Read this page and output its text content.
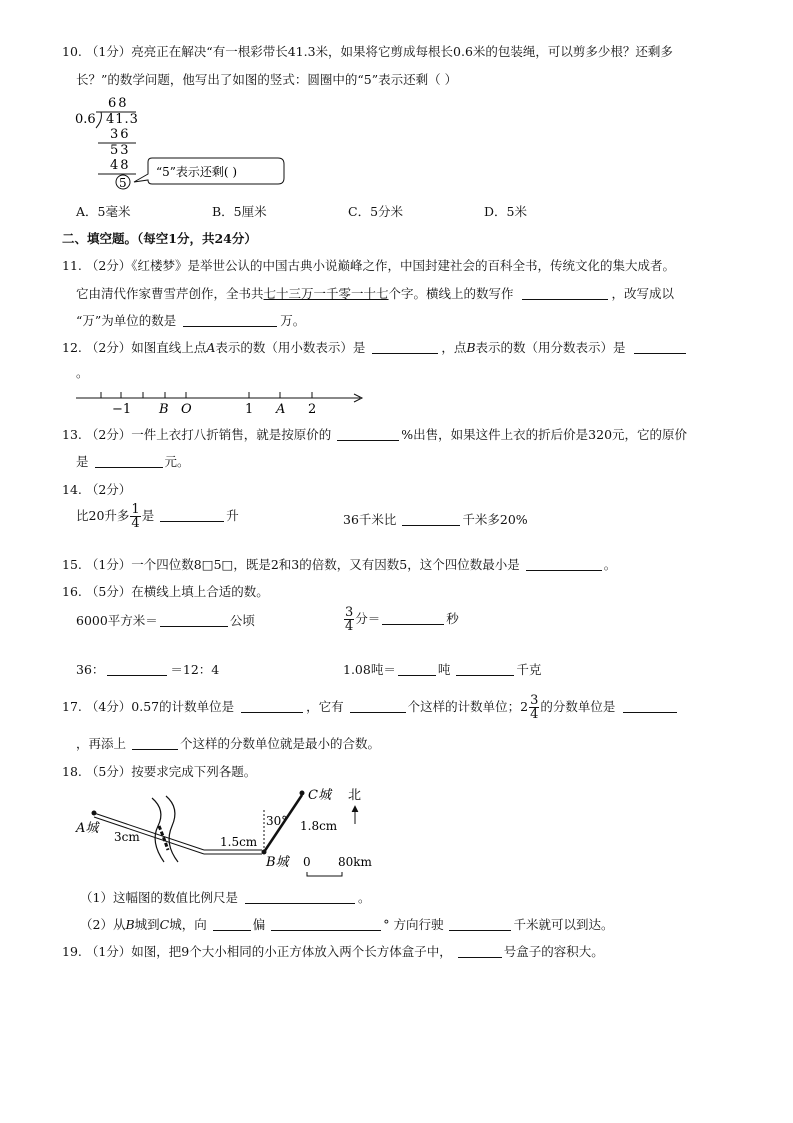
10. （1分）亮亮正在解决“有一根彩带长41.3米，如果将它剪成每根长0.6米的包装绳，可以剪多少根？还剩多
长？”的数学问题，他写出了如图的竖式：圆圈中的“5”表示还剩（ ）
68
0.6 41.3
36
53
48
5
“5”表示还剩( )
A．5毫米	B．5厘米	C．5分米	D．5米
二、填空题。（每空1分，共24分）
11. （2分）《红楼梦》是举世公认的中国古典小说巅峰之作，中国封建社会的百科全书，传统文化的集大成者。
它由清代作家曹雪芹创作，全书共七十三万一千零一十七个字。横线上的数写作	，改写成以
“万”为单位的数是	万。
12. （2分）如图直线上点A表示的数（用小数表示）是	，点B表示的数（用分数表示）是
。
−1 B O	1 A 2
13. （2分）一件上衣打八折销售，就是按原价的	%出售，如果这件上衣的折后价是320元，它的原价
是	元。
14. （2分）
比20升多 $\frac{1}{4}$ 是	升	36千米比	千米多20%
15. （1分）一个四位数8□5□，既是2和3的倍数，又有因数5，这个四位数最小是	。
16. （5分）在横线上填上合适的数。
6000平方米＝	公顷	$\frac{3}{4}$ 分＝	秒
36：	＝12：4	1.08吨＝	吨	千克
17. （4分）0.57的计数单位是	，它有	个这样的计数单位；$2 \frac{3}{4}$ 的分数单位是
，再添上	个这样的分数单位就是最小的合数。
18. （5分）按要求完成下列各题。
A城
3cm	1.5cm
B城
C城
30° 1.8cm
北
0 80km
（1）这幅图的数值比例尺是	。
（2）从B城到C城，向	偏	° 方向行驶	千米就可以到达。
19. （1分）如图，把9个大小相同的小正方体放入两个长方体盒子中，	号盒子的容积大。
